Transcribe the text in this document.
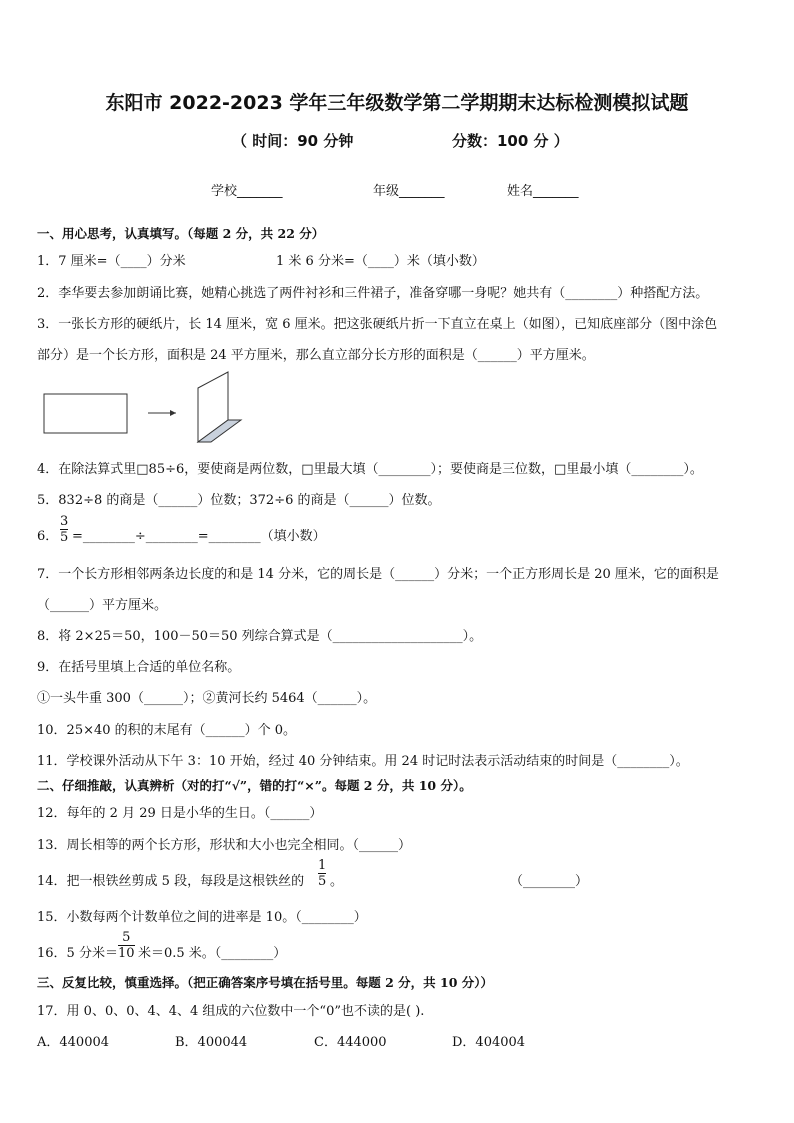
东阳市 2022-2023 学年三年级数学第二学期期末达标检测模拟试题
（ 时间：90 分钟	分数：100 分 ）
学校_______	年级_______	姓名_______
一、用心思考，认真填写。（每题 2 分，共 22 分）
1．7 厘米=（____）分米	1 米 6 分米=（____）米（填小数）
2．李华要去参加朗诵比赛，她精心挑选了两件衬衫和三件裙子，准备穿哪一身呢？她共有（________）种搭配方法。
3．一张长方形的硬纸片，长 14 厘米，宽 6 厘米。把这张硬纸片折一下直立在桌上（如图），已知底座部分（图中涂色
部分）是一个长方形，面积是 24 平方厘米，那么直立部分长方形的面积是（______）平方厘米。
4．在除法算式里□85÷6，要使商是两位数，□里最大填（________）；要使商是三位数，□里最小填（________）。
5．832÷8 的商是（______）位数；372÷6 的商是（______）位数。
6． $\frac{3}{5}$ =________÷________=________（填小数）
7．一个长方形相邻两条边长度的和是 14 分米，它的周长是（______）分米；一个正方形周长是 20 厘米，它的面积是
（______）平方厘米。
8．将 2×25＝50，100－50＝50 列综合算式是（____________________）。
9．在括号里填上合适的单位名称。
①一头牛重 300（______）；②黄河长约 5464（______）。
10．25×40 的积的末尾有（______）个 0。
11．学校课外活动从下午 3：10 开始，经过 40 分钟结束。用 24 时记时法表示活动结束的时间是（________）。
二、仔细推敲，认真辨析（对的打“√”，错的打“×”。每题 2 分，共 10 分）。
12．每年的 2 月 29 日是小华的生日。（______）
13．周长相等的两个长方形，形状和大小也完全相同。（______）
14．把一根铁丝剪成 5 段，每段是这根铁丝的 $\frac{1}{5}$ 。	（________）
15．小数每两个计数单位之间的进率是 10。（________）
16．5 分米＝ $\frac{5}{10}$ 米＝0.5 米。（________）
三、反复比较，慎重选择。（把正确答案序号填在括号里。每题 2 分，共 10 分））
17．用 0、0、0、4、4、4 组成的六位数中一个“0”也不读的是( ).
A．440004	B．400044	C．444000	D．404004
